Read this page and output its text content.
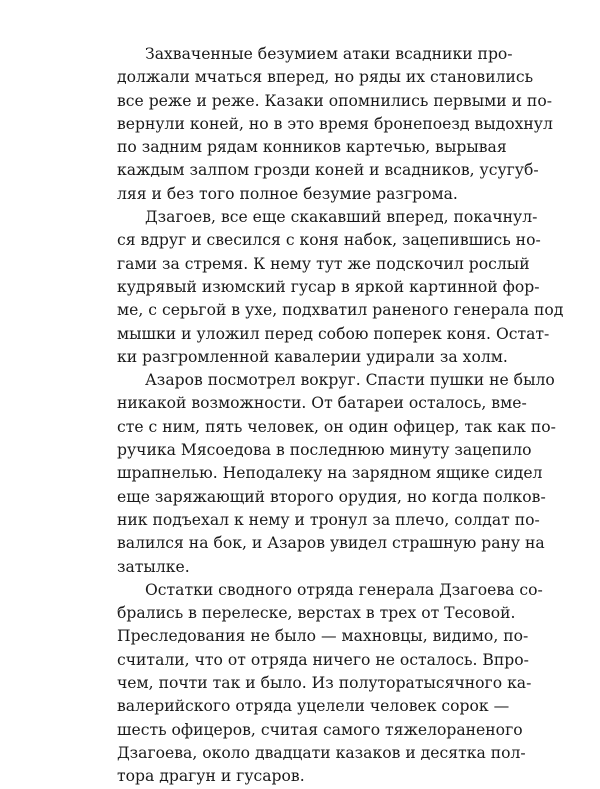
Захваченные безумием атаки всадники про-
должали мчаться вперед, но ряды их становились
все реже и реже. Казаки опомнились первыми и по-
вернули коней, но в это время бронепоезд выдохнул
по задним рядам конников картечью, вырывая
каждым залпом грозди коней и всадников, усугуб-
ляя и без того полное безумие разгрома.

Дзагоев, все еще скакавший вперед, покачнул-
ся вдруг и свесился с коня набок, зацепившись но-
гами за стремя. К нему тут же подскочил рослый
кудрявый изюмский гусар в яркой картинной фор-
ме, с серьгой в ухе, подхватил раненого генерала под
мышки и уложил перед собою поперек коня. Остат-
ки разгромленной кавалерии удирали за холм.

Азаров посмотрел вокруг. Спасти пушки не было
никакой возможности. От батареи осталось, вме-
сте с ним, пять человек, он один офицер, так как по-
ручика Мясоедова в последнюю минуту зацепило
шрапнелью. Неподалеку на зарядном ящике сидел
еще заряжающий второго орудия, но когда полков-
ник подъехал к нему и тронул за плечо, солдат по-
валился на бок, и Азаров увидел страшную рану на
затылке.

Остатки сводного отряда генерала Дзагоева со-
брались в перелеске, верстах в трех от Тесовой.
Преследования не было — махновцы, видимо, по-
считали, что от отряда ничего не осталось. Впро-
чем, почти так и было. Из полуторатысячного ка-
валерийского отряда уцелели человек сорок —
шесть офицеров, считая самого тяжелораненого
Дзагоева, около двадцати казаков и десятка пол-
тора драгун и гусаров.
